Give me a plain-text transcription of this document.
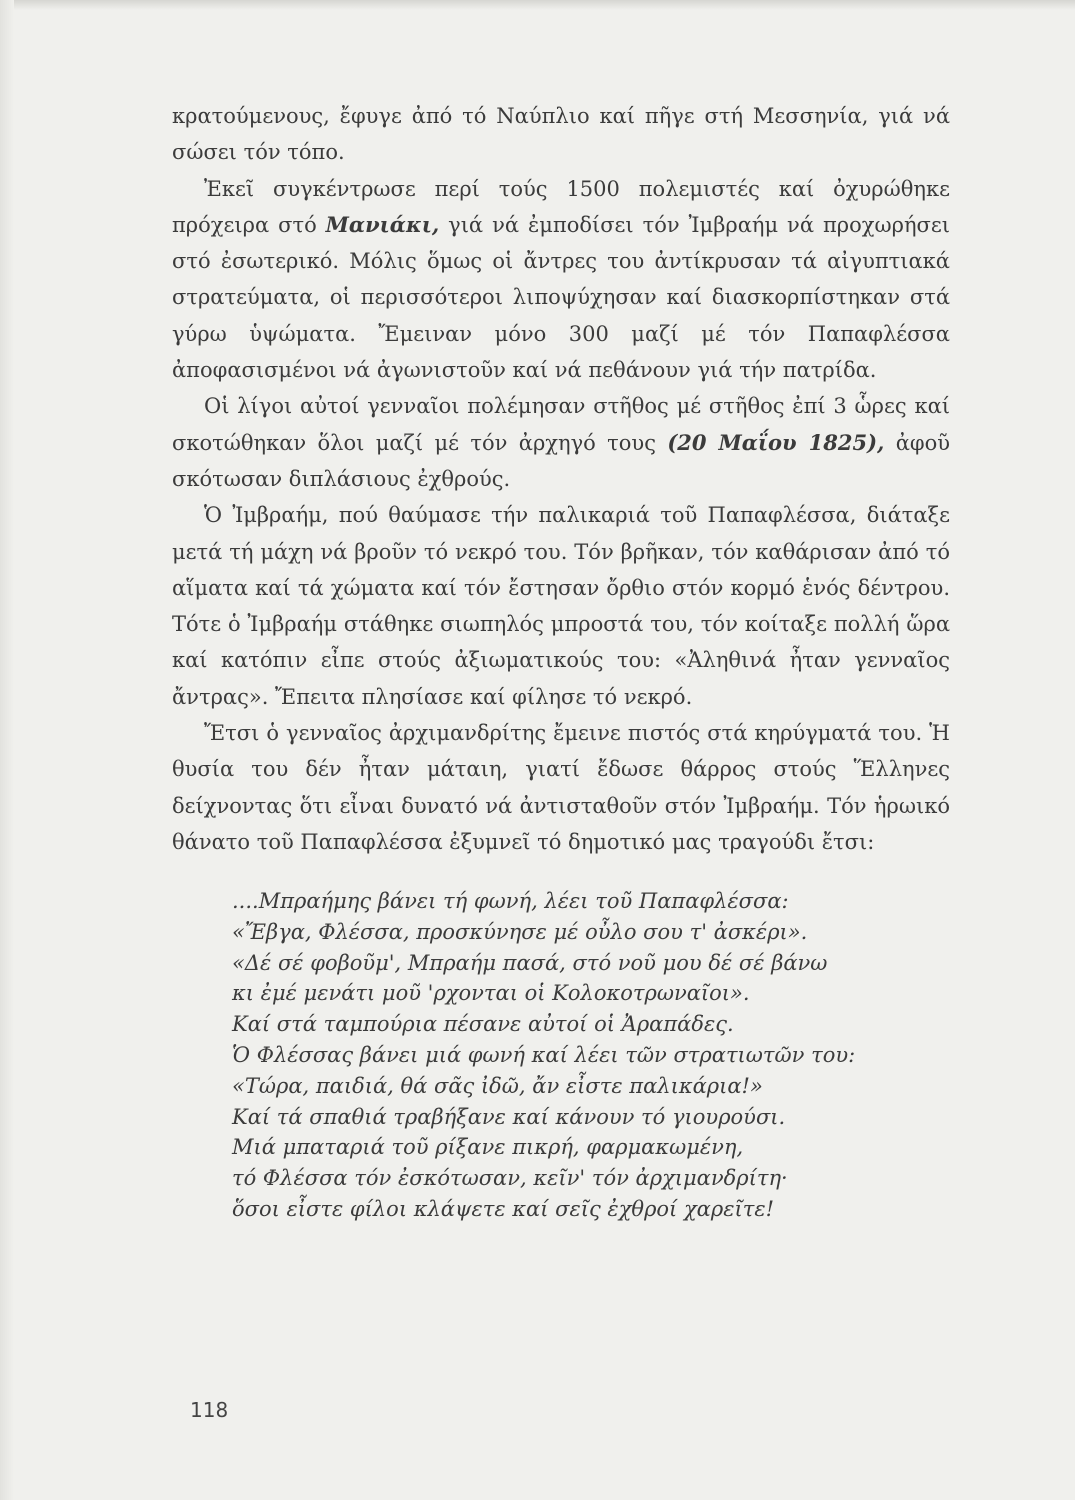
κρατούμενους, ἔφυγε ἀπό τό Ναύπλιο καί πῆγε στή Μεσσηνία, γιά νά σώσει τόν τόπο.

Ἐκεῖ συγκέντρωσε περί τούς 1500 πολεμιστές καί ὀχυρώθηκε πρόχειρα στό Μανιάκι, γιά νά ἐμποδίσει τόν Ἰμβραήμ νά προχωρήσει στό ἐσωτερικό. Μόλις ὅμως οἱ ἄντρες του ἀντίκρυσαν τά αἰγυπτιακά στρατεύματα, οἱ περισσότεροι λιποψύχησαν καί διασκορπίστηκαν στά γύρω ὑψώματα. Ἔμειναν μόνο 300 μαζί μέ τόν Παπαφλέσσα ἀποφασισμένοι νά ἀγωνιστοῦν καί νά πεθάνουν γιά τήν πατρίδα.

Οἱ λίγοι αὐτοί γενναῖοι πολέμησαν στῆθος μέ στῆθος ἐπί 3 ὧρες καί σκοτώθηκαν ὅλοι μαζί μέ τόν ἀρχηγό τους (20 Μαΐου 1825), ἀφοῦ σκότωσαν διπλάσιους ἐχθρούς.

Ὁ Ἰμβραήμ, πού θαύμασε τήν παλικαριά τοῦ Παπαφλέσσα, διάταξε μετά τή μάχη νά βροῦν τό νεκρό του. Τόν βρῆκαν, τόν καθάρισαν ἀπό τό αἵματα καί τά χώματα καί τόν ἔστησαν ὄρθιο στόν κορμό ἑνός δέντρου. Τότε ὁ Ἰμβραήμ στάθηκε σιωπηλός μπροστά του, τόν κοίταξε πολλή ὥρα καί κατόπιν εἶπε στούς ἀξιωματικούς του: «Ἀληθινά ἦταν γενναῖος ἄντρας». Ἔπειτα πλησίασε καί φίλησε τό νεκρό.

Ἔτσι ὁ γενναῖος ἀρχιμανδρίτης ἔμεινε πιστός στά κηρύγματά του. Ἡ θυσία του δέν ἦταν μάταιη, γιατί ἔδωσε θάρρος στούς Ἕλληνες δείχνοντας ὅτι εἶναι δυνατό νά ἀντισταθοῦν στόν Ἰμβραήμ. Τόν ἡρωικό θάνατο τοῦ Παπαφλέσσα ἐξυμνεῖ τό δημοτικό μας τραγούδι ἔτσι:

....Μπραήμης βάνει τή φωνή, λέει τοῦ Παπαφλέσσα:

«Ἔβγα, Φλέσσα, προσκύνησε μέ οὖλο σου τ' ἀσκέρι».

«Δέ σέ φοβοῦμ', Μπραήμ πασά, στό νοῦ μου δέ σέ βάνω

κι ἐμέ μενάτι μοῦ 'ρχονται οἱ Κολοκοτρωναῖοι».

Καί στά ταμπούρια πέσανε αὐτοί οἱ Ἀραπάδες.

Ὁ Φλέσσας βάνει μιά φωνή καί λέει τῶν στρατιωτῶν του:

«Τώρα, παιδιά, θά σᾶς ἰδῶ, ἄν εἶστε παλικάρια!»

Καί τά σπαθιά τραβήξανε καί κάνουν τό γιουρούσι.

Μιά μπαταριά τοῦ ρίξανε πικρή, φαρμακωμένη,

τό Φλέσσα τόν ἐσκότωσαν, κεῖν' τόν ἀρχιμανδρίτη·

ὅσοι εἶστε φίλοι κλάψετε καί σεῖς ἐχθροί χαρεῖτε!

118
